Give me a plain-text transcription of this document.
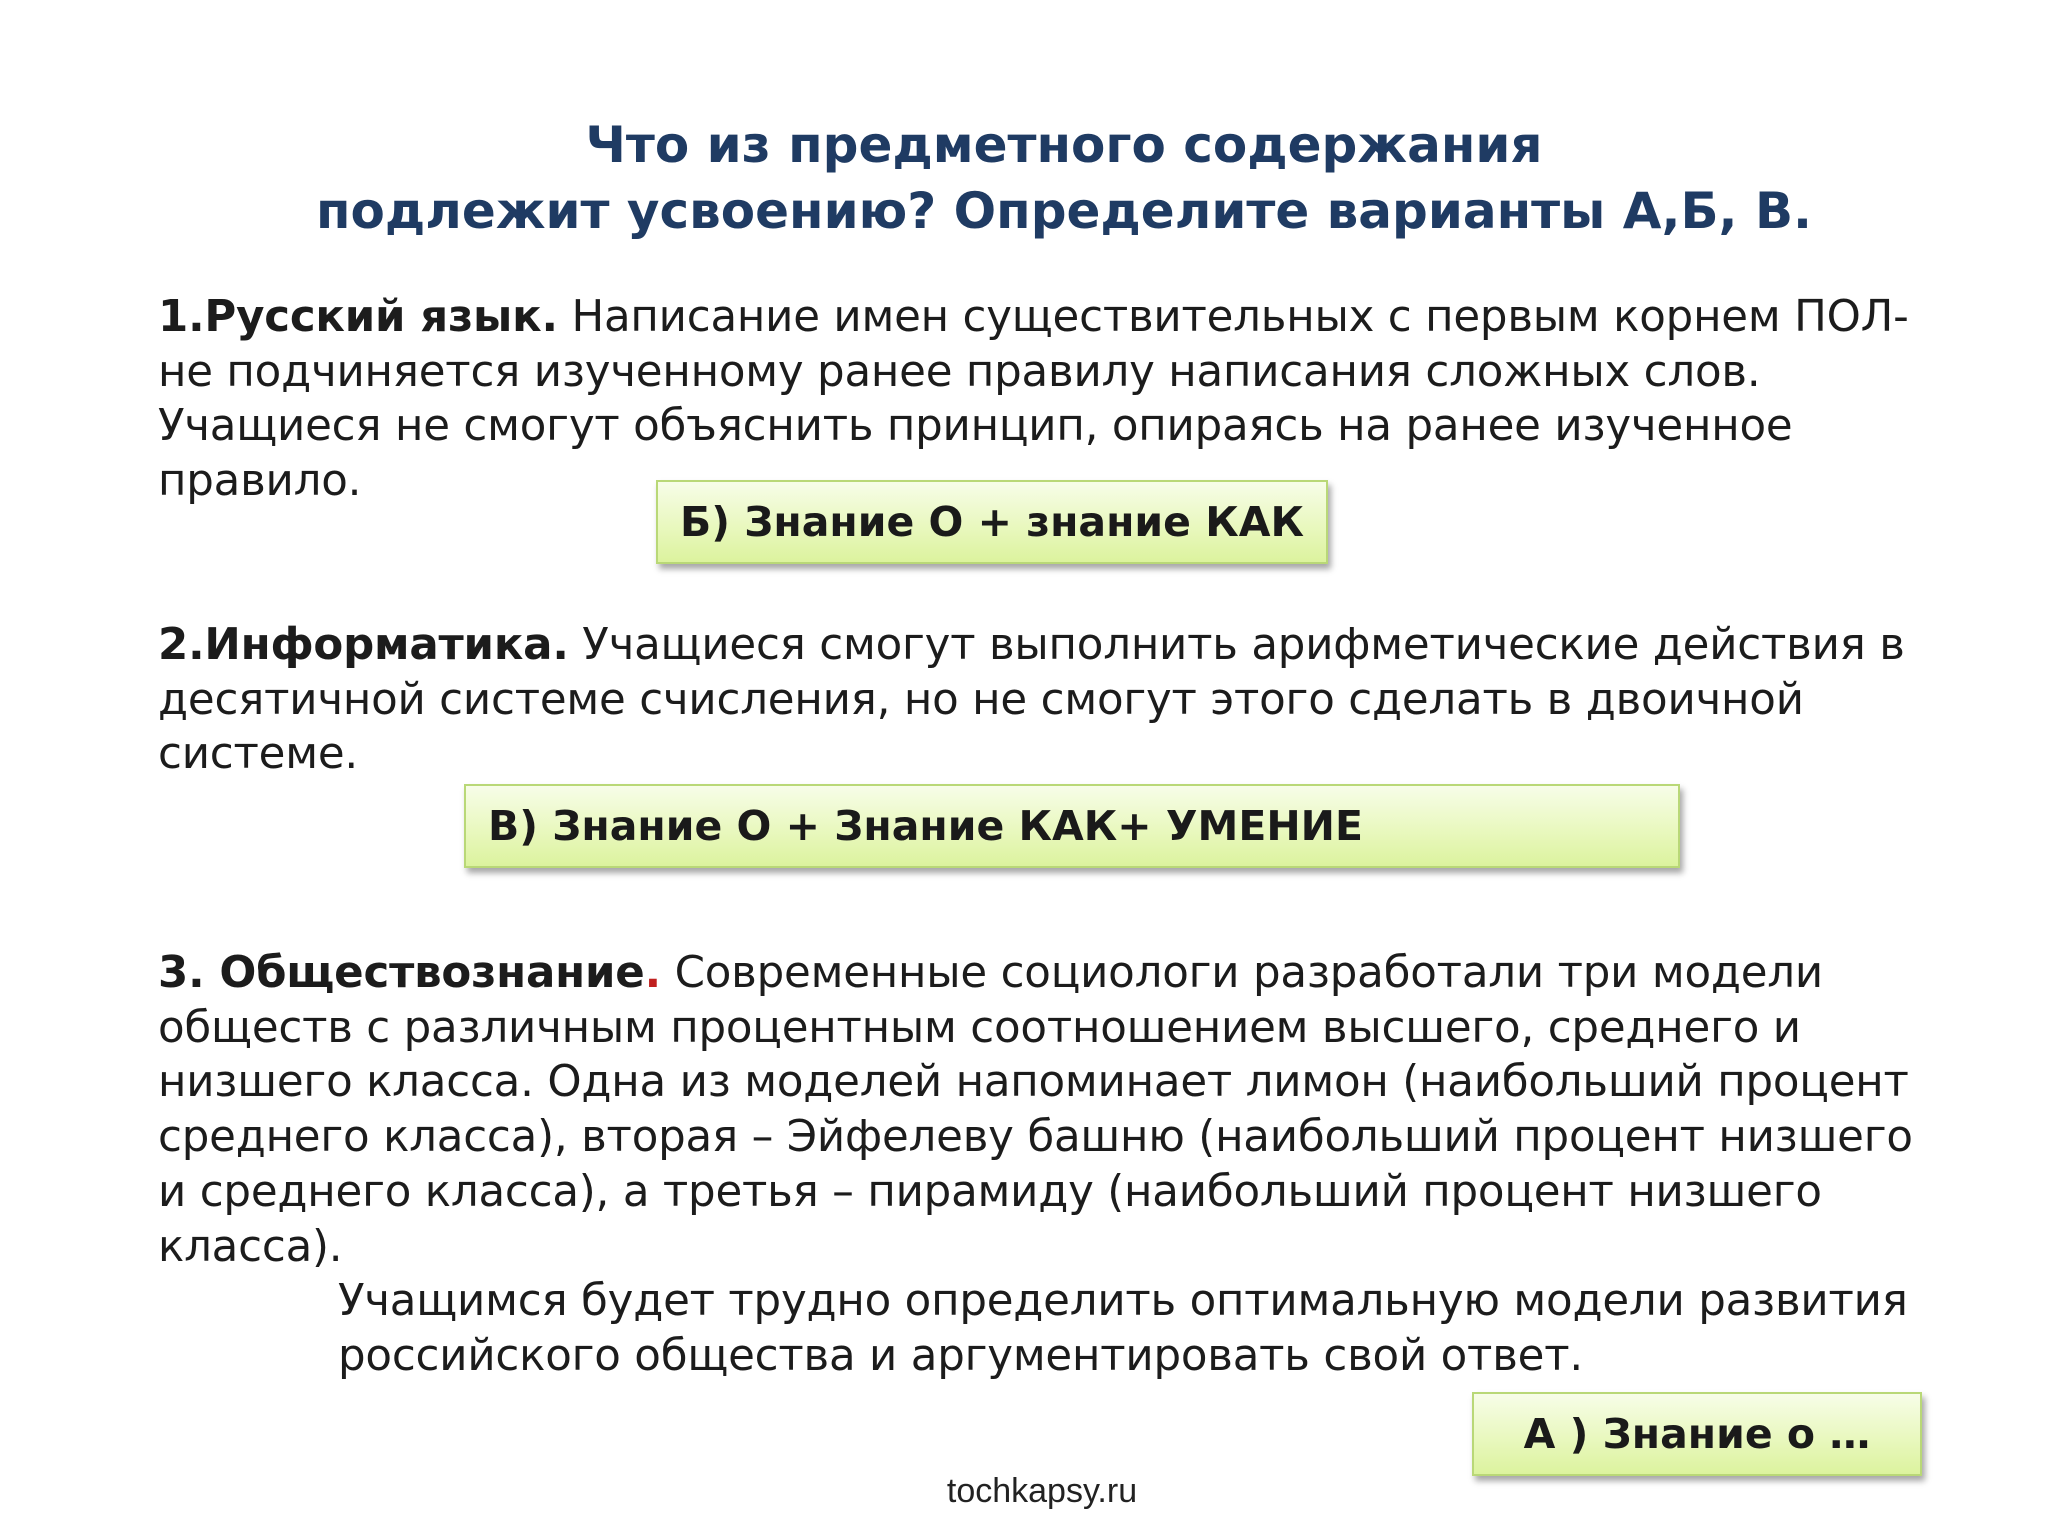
Что из предметного содержания
подлежит усвоению? Определите варианты А,Б, В.
1.Русский язык. Написание имен существительных с первым корнем ПОЛ- не подчиняется изученному ранее правилу написания сложных слов. Учащиеся не смогут объяснить принцип, опираясь на ранее изученное правило.
Б) Знание О + знание КАК
2.Информатика. Учащиеся смогут выполнить арифметические действия в десятичной системе счисления, но не смогут этого сделать в двоичной системе.
В) Знание О + Знание КАК+ УМЕНИЕ
3. Обществознание. Современные социологи разработали три модели обществ с различным процентным соотношением высшего, среднего и низшего класса. Одна из моделей напоминает лимон (наибольший процент среднего класса), вторая – Эйфелеву башню (наибольший процент низшего и среднего класса), а третья – пирамиду (наибольший процент низшего класса).
Учащимся будет трудно определить оптимальную модели развития российского общества и аргументировать свой ответ.
А ) Знание о …
tochkapsy.ru
